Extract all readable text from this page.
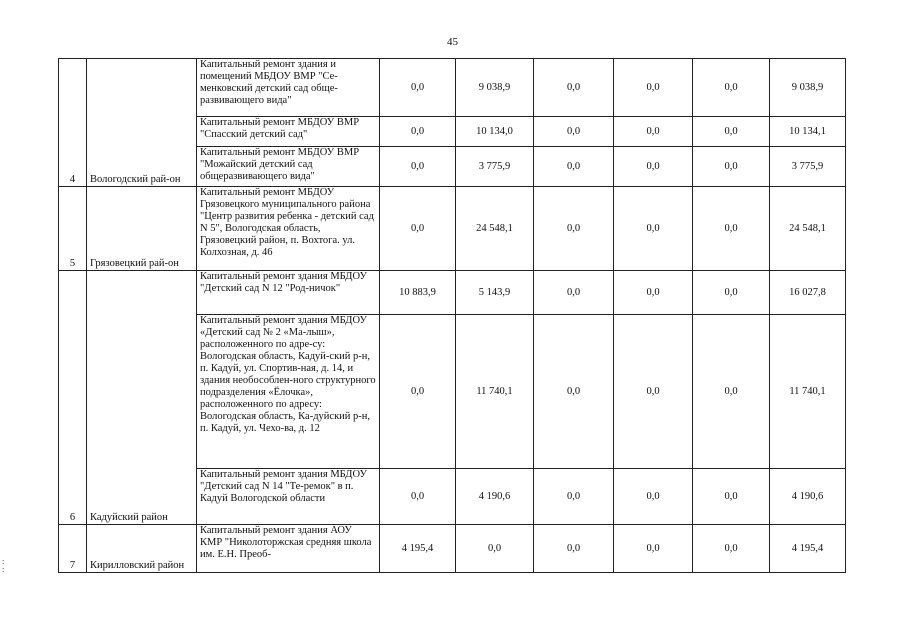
45
4	Вологодский рай-он	Капитальный ремонт здания и помещений МБДОУ ВМР "Се-менковский детский сад обще-развивающего вида"	0,0	9 038,9	0,0	0,0	0,0	9 038,9
		Капитальный ремонт МБДОУ ВМР "Спасский детский сад"	0,0	10 134,0	0,0	0,0	0,0	10 134,1
		Капитальный ремонт МБДОУ ВМР "Можайский детский сад общеразвивающего вида"	0,0	3 775,9	0,0	0,0	0,0	3 775,9
5	Грязовецкий рай-он	Капитальный ремонт МБДОУ Грязовецкого муниципального района "Центр развития ребенка - детский сад N 5", Вологодская область, Грязовецкий район, п. Вохтога. ул. Колхозная, д. 46	0,0	24 548,1	0,0	0,0	0,0	24 548,1
6	Кадуйский район	Капитальный ремонт здания МБДОУ "Детский сад N 12 "Род-ничок"	10 883,9	5 143,9	0,0	0,0	0,0	16 027,8
		Капитальный ремонт здания МБДОУ «Детский сад № 2 «Ма-лыш», расположенного по адре-су: Вологодская область, Кадуй-ский р-н, п. Кадуй, ул. Спортив-ная, д. 14, и здания необособлен-ного структурного подразделения «Ёлочка», расположенного по адресу: Вологодская область, Ка-дуйский р-н, п. Кадуй, ул. Чехо-ва, д. 12	0,0	11 740,1	0,0	0,0	0,0	11 740,1
		Капитальный ремонт здания МБДОУ "Детский сад N 14 "Те-ремок" в п. Кадуй Вологодской области	0,0	4 190,6	0,0	0,0	0,0	4 190,6
7	Кирилловский район	Капитальный ремонт здания АОУ КМР "Николоторжская средняя школа им. Е.Н. Преоб-	4 195,4	0,0	0,0	0,0	0,0	4 195,4
:
:
